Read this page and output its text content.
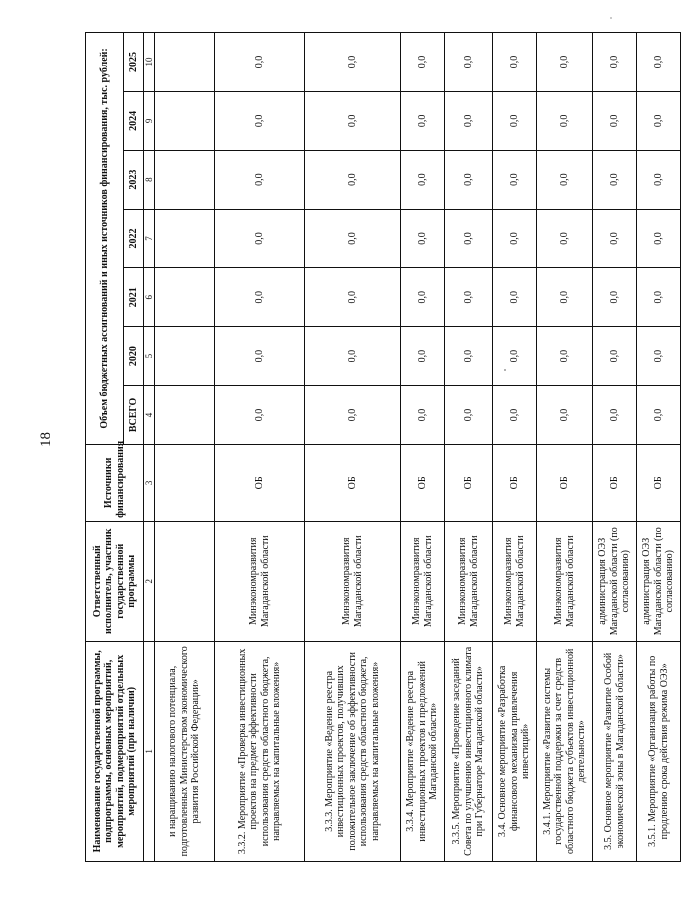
18
Наименование государственной программы, подпрограммы, основных мероприятий, мероприятий, подмероприятий отдельных мероприятий (при наличии)	Ответственный исполнитель, участник государственной программы	Источники финансирования	Объем бюджетных ассигнований и иных источников финансирования, тыс. рублей:						
			ВСЕГО	2020	2021	2022	2023	2024	2025
1	2	3	4	5	6	7	8	9	10
и наращиванию налогового потенциала, подготовленных Министерством экономического развития Российской Федерации»									
3.3.2. Мероприятие «Проверка инвестиционных проектов на предмет эффективности использования средств областного бюджета, направляемых на капитальные вложения»	Минэкономразвития Магаданской области	ОБ	0,0	0,0	0,0	0,0	0,0	0,0	0,0
3.3.3. Мероприятие «Ведение реестра инвестиционных проектов, получивших положительное заключение об эффективности использования средств областного бюджета, направляемых на капитальные вложения»	Минэкономразвития Магаданской области	ОБ	0,0	0,0	0,0	0,0	0,0	0,0	0,0
3.3.4. Мероприятие «Ведение реестра инвестиционных проектов и предложений Магаданской области»	Минэкономразвития Магаданской области	ОБ	0,0	0,0	0,0	0,0	0,0	0,0	0,0
3.3.5. Мероприятие «Проведение заседаний Совета по улучшению инвестиционного климата при Губернаторе Магаданской области»	Минэкономразвития Магаданской области	ОБ	0,0	0,0	0,0	0,0	0,0	0,0	0,0
3.4. Основное мероприятие «Разработка финансового механизма привлечения инвестиций»	Минэкономразвития Магаданской области	ОБ	0,0	0,0	0,0	0,0	0,0	0,0	0,0
3.4.1. Мероприятие «Развитие системы государственной поддержки за счет средств областного бюджета субъектов инвестиционной деятельности»	Минэкономразвития Магаданской области	ОБ	0,0	0,0	0,0	0,0	0,0	0,0	0,0
3.5. Основное мероприятие «Развитие Особой экономической зоны в Магаданской области»	администрация ОЭЗ Магаданской области (по согласованию)	ОБ	0,0	0,0	0,0	0,0	0,0	0,0	0,0
3.5.1. Мероприятие «Организация работы по продлению срока действия режима ОЭЗ»	администрация ОЭЗ Магаданской области (по согласованию)	ОБ	0,0	0,0	0,0	0,0	0,0	0,0	0,0
